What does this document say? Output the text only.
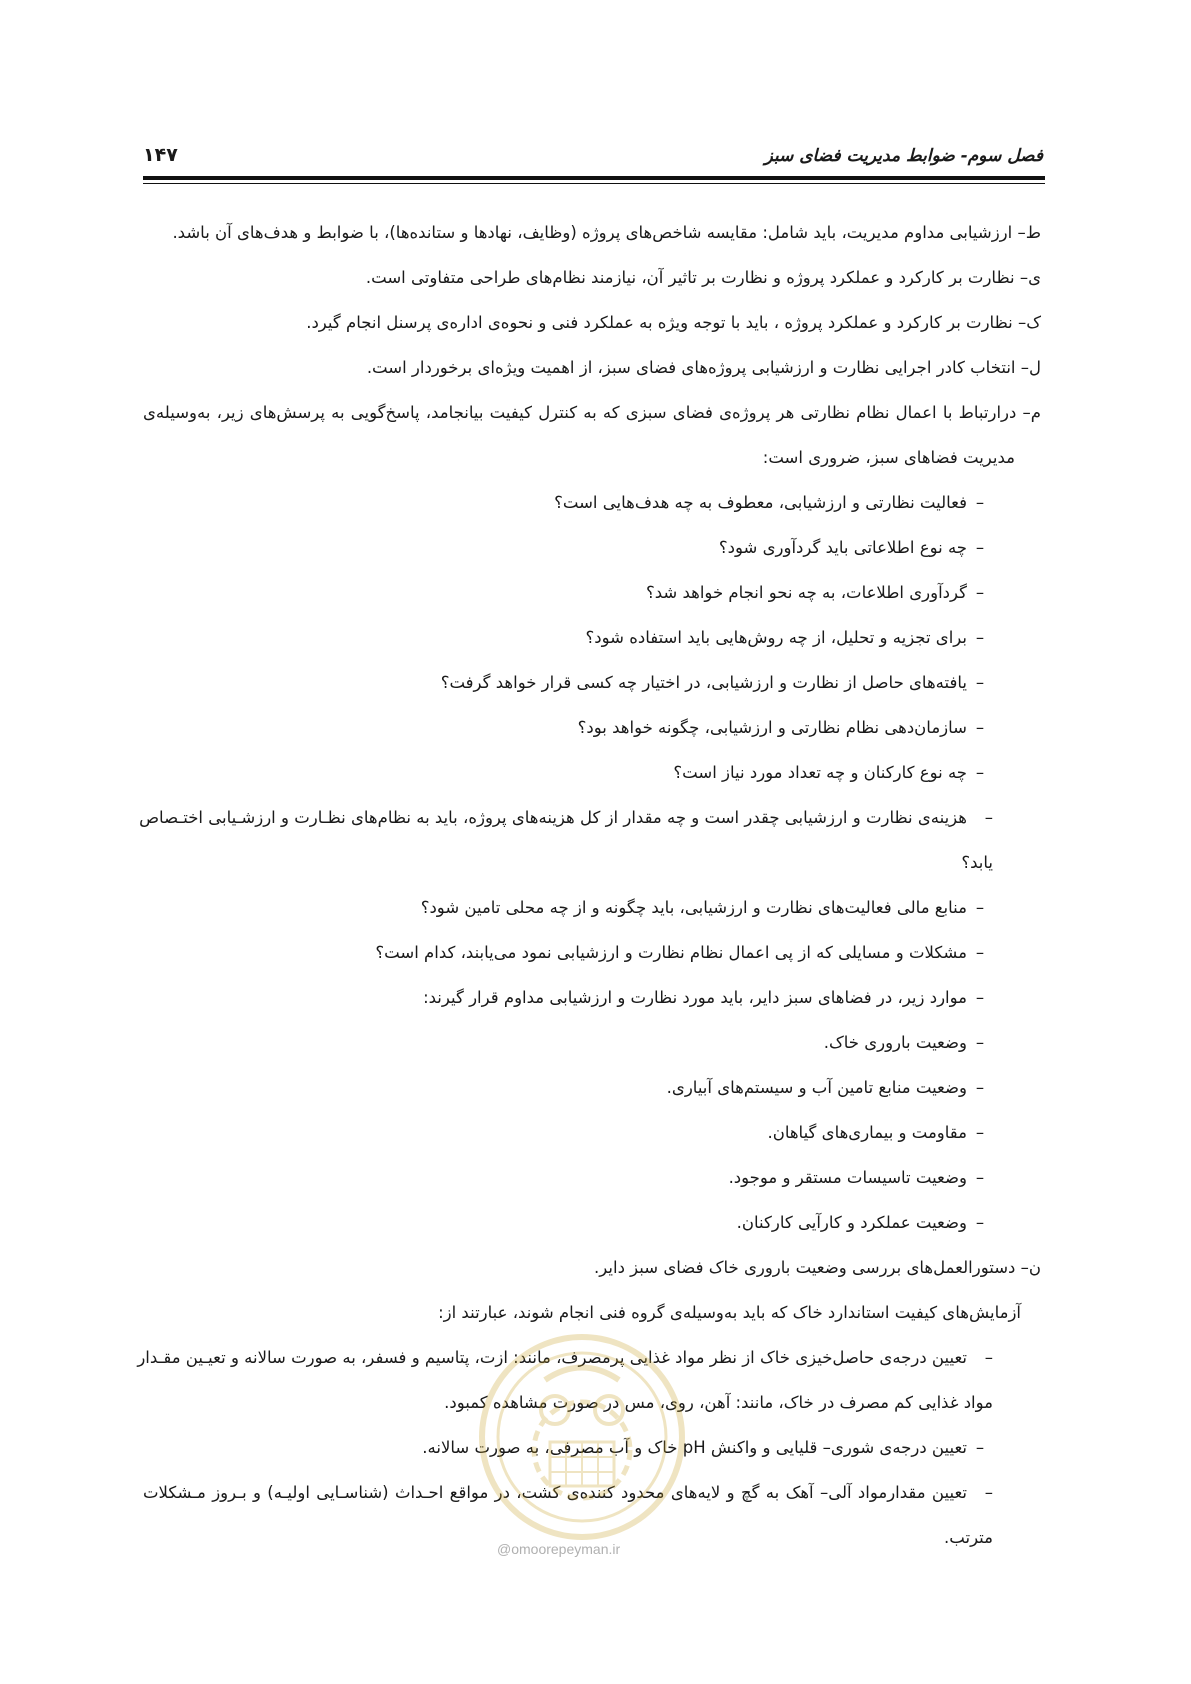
فصل سوم- ضوابط مدیریت فضای سبز
۱۴۷
ط– ارزشیابی مداوم مدیریت، باید شامل: مقایسه شاخص‌های پروژه (وظایف، نهادها و ستانده‌ها)، با ضوابط و هدف‌های آن باشد.
ی– نظارت بر کارکرد و عملکرد پروژه و نظارت بر تاثیر آن، نیازمند نظام‌های طراحی متفاوتی است.
ک– نظارت بر کارکرد و عملکرد پروژه ، باید با توجه ویژه به عملکرد فنی و نحوه‌ی اداره‌ی پرسنل انجام گیرد.
ل– انتخاب کادر اجرایی نظارت و ارزشیابی پروژه‌های فضای سبز، از اهمیت ویژه‌ای برخوردار است.
م– درارتباط با اعمال نظام نظارتی هر پروژه‌ی فضای سبزی که به کنترل کیفیت بیانجامد، پاسخ‌گویی به پرسش‌های زیر، به‌وسیله‌ی
مدیریت فضاهای سبز، ضروری است:
–فعالیت نظارتی و ارزشیابی، معطوف به چه هدف‌هایی است؟
–چه نوع اطلاعاتی باید گردآوری شود؟
–گردآوری اطلاعات، به چه نحو انجام خواهد شد؟
–برای تجزیه و تحلیل، از چه روش‌هایی باید استفاده شود؟
–یافته‌های حاصل از نظارت و ارزشیابی، در اختیار چه کسی قرار خواهد گرفت؟
–سازمان‌دهی نظام نظارتی و ارزشیابی، چگونه خواهد بود؟
–چه نوع کارکنان و چه تعداد مورد نیاز است؟
–هزینه‌ی نظارت و ارزشیابی چقدر است و چه مقدار از کل هزینه‌های پروژه، باید به نظام‌های نظـارت و ارزشـیابی اختـصاص
یابد؟
–منابع مالی فعالیت‌های نظارت و ارزشیابی، باید چگونه و از چه محلی تامین شود؟
–مشکلات و مسایلی که از پی اعمال نظام نظارت و ارزشیابی نمود می‌یابند، کدام است؟
–موارد زیر، در فضاهای سبز دایر، باید مورد نظارت و ارزشیابی مداوم قرار گیرند:
–وضعیت باروری خاک.
–وضعیت منابع تامین آب و سیستم‌های آبیاری.
–مقاومت و بیماری‌های گیاهان.
–وضعیت تاسیسات مستقر و موجود.
–وضعیت عملکرد و کارآیی کارکنان.
ن– دستورالعمل‌های بررسی وضعیت باروری خاک فضای سبز دایر.
آزمایش‌های کیفیت استاندارد خاک که باید به‌وسیله‌ی گروه فنی انجام شوند، عبارتند از:
–تعیین درجه‌ی حاصل‌خیزی خاک از نظر مواد غذایی پرمصرف، مانند: ازت، پتاسیم و فسفر، به صورت سالانه و تعیـین مقـدار
مواد غذایی کم مصرف در خاک، مانند: آهن، روی، مس در صورت مشاهده کمبود.
–تعیین درجه‌ی شوری– قلیایی و واکنش pH خاک و آب مصرفی، به صورت سالانه.
–تعیین مقدارمواد آلی– آهک به گچ و لایه‌های محدود کننده‌ی کشت، در مواقع احـداث (شناسـایی اولیـه) و بـروز مـشکلات
مترتب.
@omoorepeyman.ir
